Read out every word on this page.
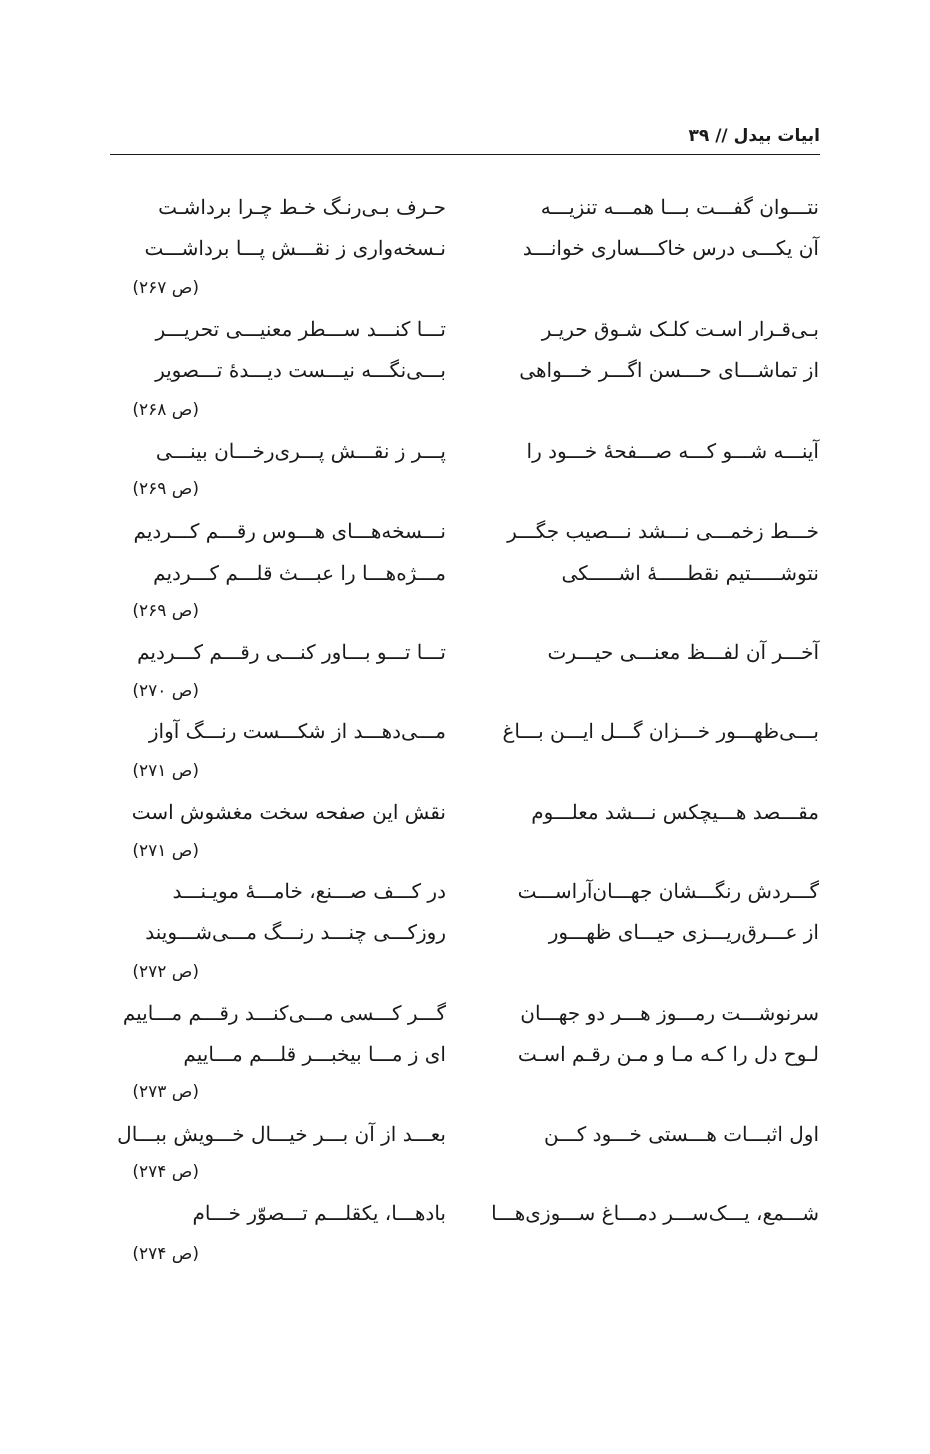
ابیات بیدل // ۳۹
نتـــوان گفـــت بـــا همـــه تنزیـــه
حـرف بـی‌رنـگ خـط چـرا برداشـت
آن یکـــی درس خاکـــساری خوانـــد
نـسخه‌واری ز نقـــش پـــا برداشـــت
(ص ۲۶۷)
بـی‌قـرار اسـت کلـک شـوق حریـر
تـــا کنـــد ســـطر معنیـــی تحریـــر
از تماشـــای حـــسن اگـــر خـــواهی
بـــی‌نگـــه نیـــست دیـــدهٔ تـــصویر
(ص ۲۶۸)
آینـــه شـــو کـــه صـــفحهٔ خـــود را
پـــر ز نقـــش پـــری‌رخـــان بینـــی
(ص ۲۶۹)
خـــط زخمـــی نـــشد نـــصیب جگـــر
نـــسخه‌هـــای هـــوس رقـــم کـــردیم
نتوشـــــتیم نقطـــــهٔ اشـــــکی
مـــژه‌هـــا را عبـــث قلـــم کـــردیم
(ص ۲۶۹)
آخـــر آن لفـــظ معنـــی حیـــرت
تـــا تـــو بـــاور کنـــی رقـــم کـــردیم
(ص ۲۷۰)
بـــی‌ظهـــور خـــزان گـــل ایـــن بـــاغ
مـــی‌دهـــد از شکـــست رنـــگ آواز
(ص ۲۷۱)
مقـــصد هـــیچکس نـــشد معلـــوم
نقش این صفحه سخت مغشوش است
(ص ۲۷۱)
گـــردش رنگـــشان جهـــان‌آراســـت
در کـــف صـــنع، خامـــهٔ مویـنـــد
از عـــرق‌ریـــزی حیـــای ظهـــور
روزکـــی چنـــد رنـــگ مـــی‌شـــویند
(ص ۲۷۲)
سرنوشـــت رمـــوز هـــر دو جهـــان
گـــر کـــسی مـــی‌کنـــد رقـــم مـــاییم
لـوح دل را کـه مـا و مـن رقـم اسـت
ای ز مـــا بیخبـــر قلـــم مـــاییم
(ص ۲۷۳)
اول اثبـــات هـــستی خـــود کـــن
بعـــد از آن بـــر خیـــال خـــویش ببـــال
(ص ۲۷۴)
شـــمع، یـــک‌ســـر دمـــاغ ســـوزی‌هـــا
بادهـــا، یکقلـــم تـــصوّر خـــام
(ص ۲۷۴)
